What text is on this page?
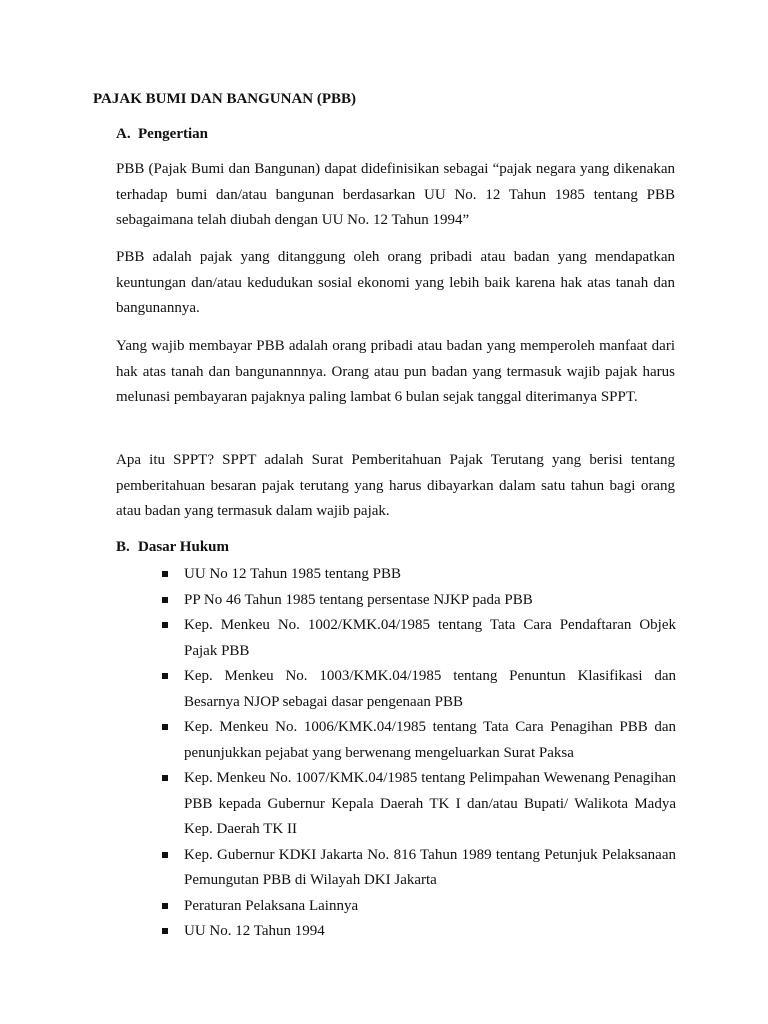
PAJAK BUMI DAN BANGUNAN (PBB)
A. Pengertian

PBB (Pajak Bumi dan Bangunan) dapat didefinisikan sebagai “pajak negara yang dikenakan terhadap bumi dan/atau bangunan berdasarkan UU No. 12 Tahun 1985 tentang PBB sebagaimana telah diubah dengan UU No. 12 Tahun 1994”

PBB adalah pajak yang ditanggung oleh orang pribadi atau badan yang mendapatkan keuntungan dan/atau kedudukan sosial ekonomi yang lebih baik karena hak atas tanah dan bangunannya.

Yang wajib membayar PBB adalah orang pribadi atau badan yang memperoleh manfaat dari hak atas tanah dan bangunannnya. Orang atau pun badan yang termasuk wajib pajak harus melunasi pembayaran pajaknya paling lambat 6 bulan sejak tanggal diterimanya SPPT.

Apa itu SPPT? SPPT adalah Surat Pemberitahuan Pajak Terutang yang berisi tentang pemberitahuan besaran pajak terutang yang harus dibayarkan dalam satu tahun bagi orang atau badan yang termasuk dalam wajib pajak.

B. Dasar Hukum
UU No 12 Tahun 1985 tentang PBB
PP No 46 Tahun 1985 tentang persentase NJKP pada PBB
Kep. Menkeu No. 1002/KMK.04/1985 tentang Tata Cara Pendaftaran Objek Pajak PBB
Kep. Menkeu No. 1003/KMK.04/1985 tentang Penuntun Klasifikasi dan Besarnya NJOP sebagai dasar pengenaan PBB
Kep. Menkeu No. 1006/KMK.04/1985 tentang Tata Cara Penagihan PBB dan penunjukkan pejabat yang berwenang mengeluarkan Surat Paksa
Kep. Menkeu No. 1007/KMK.04/1985 tentang Pelimpahan Wewenang Penagihan PBB kepada Gubernur Kepala Daerah TK I dan/atau Bupati/ Walikota Madya Kep. Daerah TK II
Kep. Gubernur KDKI Jakarta No. 816 Tahun 1989 tentang Petunjuk Pelaksanaan Pemungutan PBB di Wilayah DKI Jakarta
Peraturan Pelaksana Lainnya
UU No. 12 Tahun 1994
